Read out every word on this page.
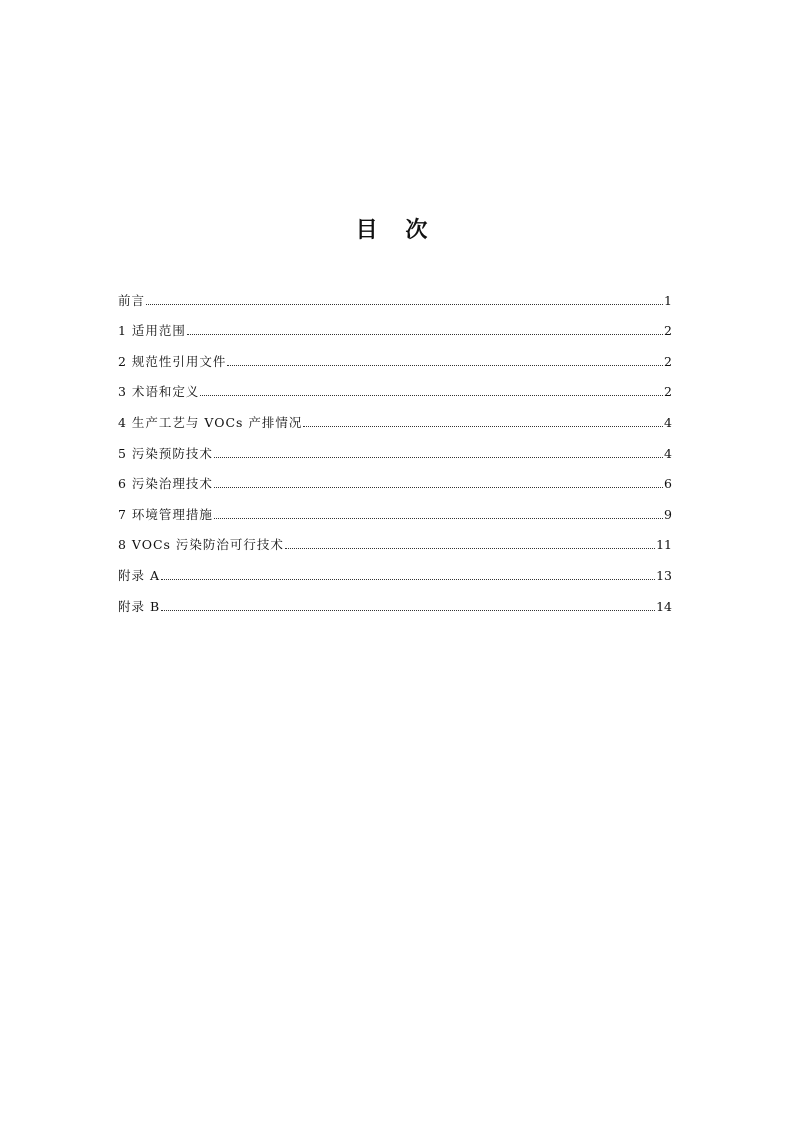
目 次
前言	1
1 适用范围	2
2 规范性引用文件	2
3 术语和定义	2
4 生产工艺与 VOCs 产排情况	4
5 污染预防技术	4
6 污染治理技术	6
7 环境管理措施	9
8 VOCs 污染防治可行技术	11
附录 A	13
附录 B	14
